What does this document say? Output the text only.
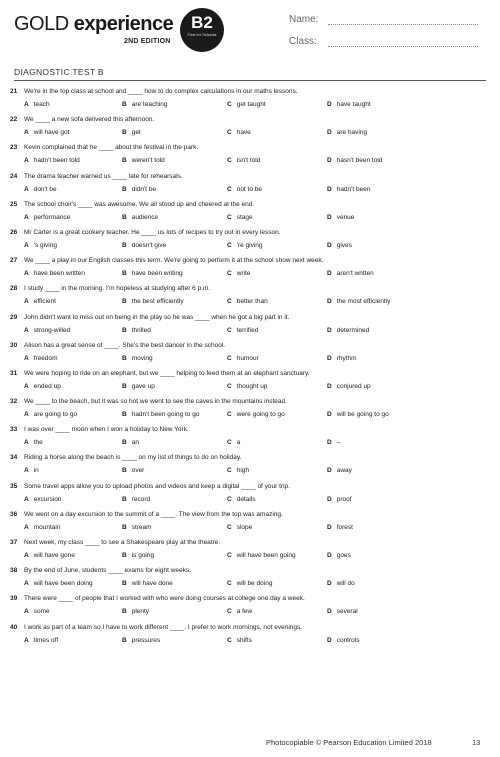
GOLD experience
2ND EDITION
B2
First for Schools
Name:
Class:
DIAGNOSTIC TEST B
21 We're in the top class at school and ____ how to do complex calculations in our maths lessons.
A teach	B are teaching	C get taught	D have taught
22 We ____ a new sofa delivered this afternoon.
A will have got	B get	C have	D are having
23 Kevin complained that he ____ about the festival in the park.
A hadn't been told	B weren't told	C isn't told	D hasn't been told
24 The drama teacher warned us ____ late for rehearsals.
A don't be	B didn't be	C not to be	D hadn't been
25 The school choir's ____ was awesome. We all stood up and cheered at the end.
A performance	B audience	C stage	D venue
26 Mr Carter is a great cookery teacher. He ____ us lots of recipes to try out in every lesson.
A 's giving	B doesn't give	C 're giving	D gives
27 We ____ a play in our English classes this term. We're going to perform it at the school show next week.
A have been written	B have been writing	C write	D aren't written
28 I study ____ in the morning. I'm hopeless at studying after 6 p.m.
A efficient	B the best efficiently	C better than	D the most efficiently
29 John didn't want to miss out on being in the play so he was ____ when he got a big part in it.
A strong-willed	B thrilled	C terrified	D determined
30 Alison has a great sense of ____. She's the best dancer in the school.
A freedom	B moving	C humour	D rhythm
31 We were hoping to ride on an elephant, but we ____ helping to feed them at an elephant sanctuary.
A ended up	B gave up	C thought up	D conjured up
32 We ____ to the beach, but it was so hot we went to see the caves in the mountains instead.
A are going to go	B hadn't been going to go	C were going to go	D will be going to go
33 I was over ____ moon when I won a holiday to New York.
A the	B an	C a	D –
34 Riding a horse along the beach is ____ on my list of things to do on holiday.
A in	B over	C high	D away
35 Some travel apps allow you to upload photos and videos and keep a digital ____ of your trip.
A excursion	B record	C details	D proof
36 We went on a day excursion to the summit of a ____. The view from the top was amazing.
A mountain	B stream	C slope	D forest
37 Next week, my class ____ to see a Shakespeare play at the theatre.
A will have gone	B is going	C will have been going	D goes
38 By the end of June, students ____ exams for eight weeks.
A will have been doing	B will have done	C will be doing	D will do
39 There were ____ of people that I worked with who were doing courses at college one day a week.
A some	B plenty	C a few	D several
40 I work as part of a team so I have to work different ____. I prefer to work mornings, not evenings.
A times off	B pressures	C shifts	D controls
Photocopiable © Pearson Education Limited 2018	13
